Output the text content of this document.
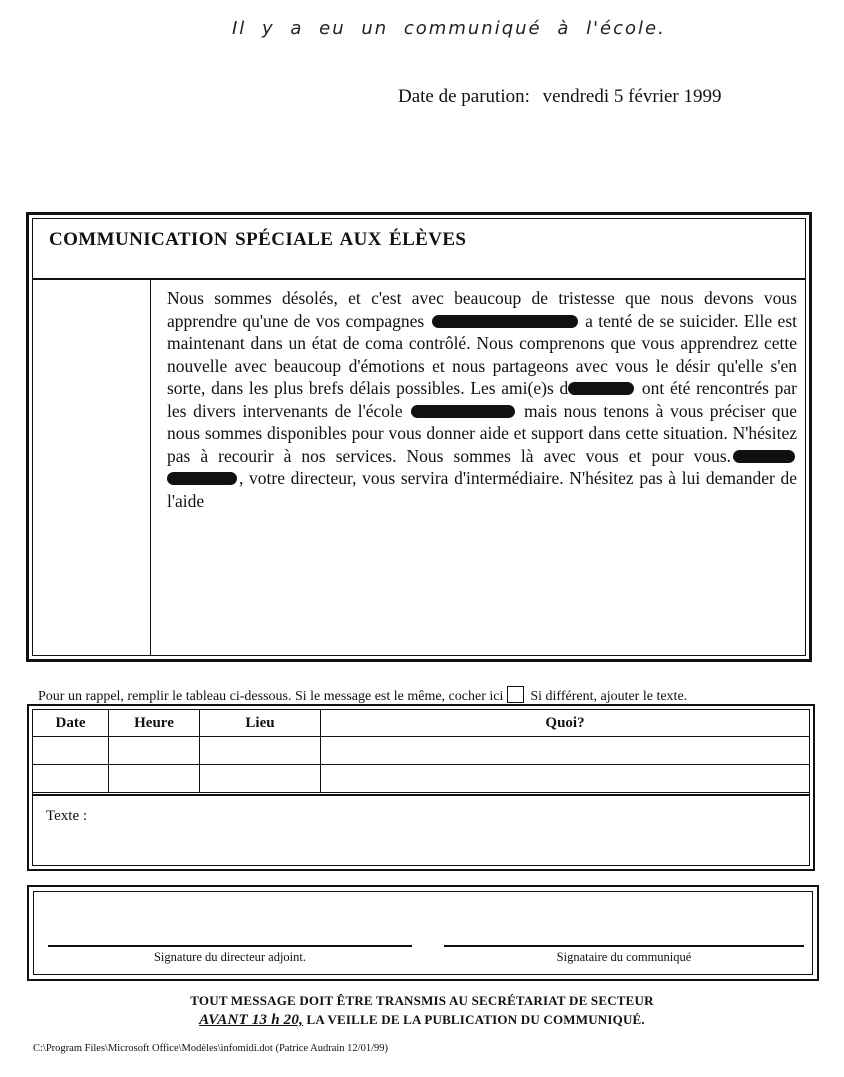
Il y a eu un communiqué à l'école.
Date de parution: vendredi 5 février 1999
COMMUNICATION SPÉCIALE AUX ÉLÈVES
Nous sommes désolés, et c'est avec beaucoup de tristesse que nous devons vous apprendre qu'une de vos compagnes	a tenté de se suicider. Elle est maintenant dans un état de coma contrôlé. Nous comprenons que vous apprendrez cette nouvelle avec beaucoup d'émotions et nous partageons avec vous le désir qu'elle s'en sorte, dans les plus brefs délais possibles. Les ami(e)s d	ont été rencontrés par les divers intervenants de l'école	mais nous tenons à vous préciser que nous sommes disponibles pour vous donner aide et support dans cette situation. N'hésitez pas à recourir à nos services. Nous sommes là avec vous et pour vous. , votre directeur, vous servira d'intermédiaire. N'hésitez pas à lui demander de l'aide
Pour un rappel, remplir le tableau ci-dessous. Si le message est le même, cocher ici Si différent, ajouter le texte.
Date	Heure	Lieu	Quoi?

Texte :
Signature du directeur adjoint.	Signataire du communiqué
TOUT MESSAGE DOIT ÊTRE TRANSMIS AU SECRÉTARIAT DE SECTEUR
AVANT 13 h 20, LA VEILLE DE LA PUBLICATION DU COMMUNIQUÉ.
C:\Program Files\Microsoft Office\Modèles\infomidi.dot (Patrice Audrain 12/01/99)
